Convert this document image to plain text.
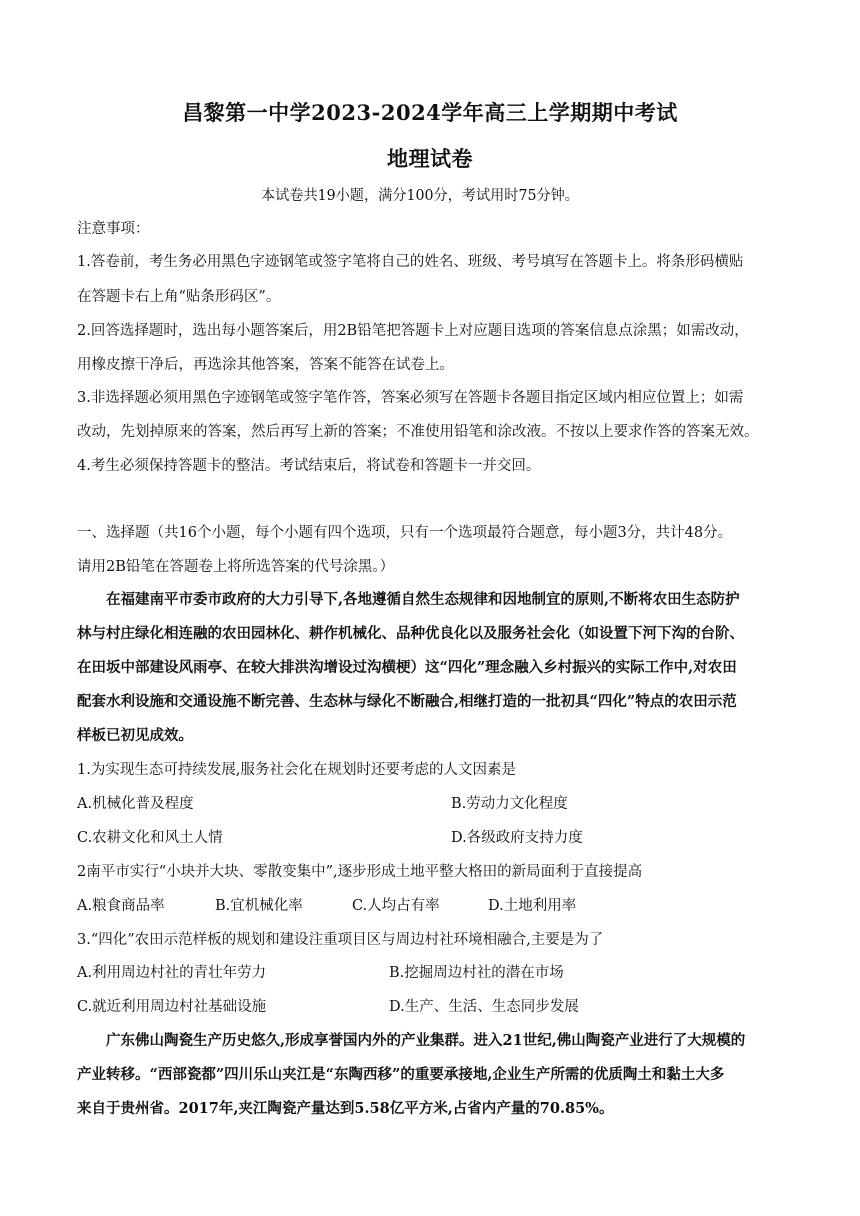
昌黎第一中学2023-2024学年高三上学期期中考试
地理试卷
本试卷共19小题，满分100分，考试用时75分钟。
注意事项：
1.答卷前，考生务必用黑色字迹钢笔或签字笔将自己的姓名、班级、考号填写在答题卡上。将条形码横贴
在答题卡右上角“贴条形码区”。
2.回答选择题时，选出每小题答案后，用2B铅笔把答题卡上对应题目选项的答案信息点涂黑；如需改动，
用橡皮擦干净后，再选涂其他答案，答案不能答在试卷上。
3.非选择题必须用黑色字迹钢笔或签字笔作答，答案必须写在答题卡各题目指定区域内相应位置上；如需
改动，先划掉原来的答案，然后再写上新的答案；不准使用铅笔和涂改液。不按以上要求作答的答案无效。
4.考生必须保持答题卡的整洁。考试结束后，将试卷和答题卡一并交回。
一、选择题（共16个小题，每个小题有四个选项，只有一个选项最符合题意，每小题3分，共计48分。
请用2B铅笔在答题卷上将所选答案的代号涂黑。）
在福建南平市委市政府的大力引导下,各地遵循自然生态规律和因地制宜的原则,不断将农田生态防护
林与村庄绿化相连融的农田园林化、耕作机械化、品种优良化以及服务社会化（如设置下河下沟的台阶、
在田坂中部建设风雨亭、在较大排洪沟增设过沟横梗）这“四化”理念融入乡村振兴的实际工作中,对农田
配套水利设施和交通设施不断完善、生态林与绿化不断融合,相继打造的一批初具“四化”特点的农田示范
样板已初见成效。
1.为实现生态可持续发展,服务社会化在规划时还要考虑的人文因素是
A.机械化普及程度	B.劳动力文化程度
C.农耕文化和风土人情	D.各级政府支持力度
2南平市实行“小块并大块、零散变集中”,逐步形成土地平整大格田的新局面利于直接提高
A.粮食商品率	B.宜机械化率	C.人均占有率	D.土地利用率
3.“四化”农田示范样板的规划和建设注重项目区与周边村社环境相融合,主要是为了
A.利用周边村社的青壮年劳力	B.挖掘周边村社的潜在市场
C.就近利用周边村社基础设施	D.生产、生活、生态同步发展
广东佛山陶瓷生产历史悠久,形成享誉国内外的产业集群。进入21世纪,佛山陶瓷产业进行了大规模的
产业转移。“西部瓷都”四川乐山夹江是“东陶西移”的重要承接地,企业生产所需的优质陶土和黏土大多
来自于贵州省。2017年,夹江陶瓷产量达到5.58亿平方米,占省内产量的70.85%。
